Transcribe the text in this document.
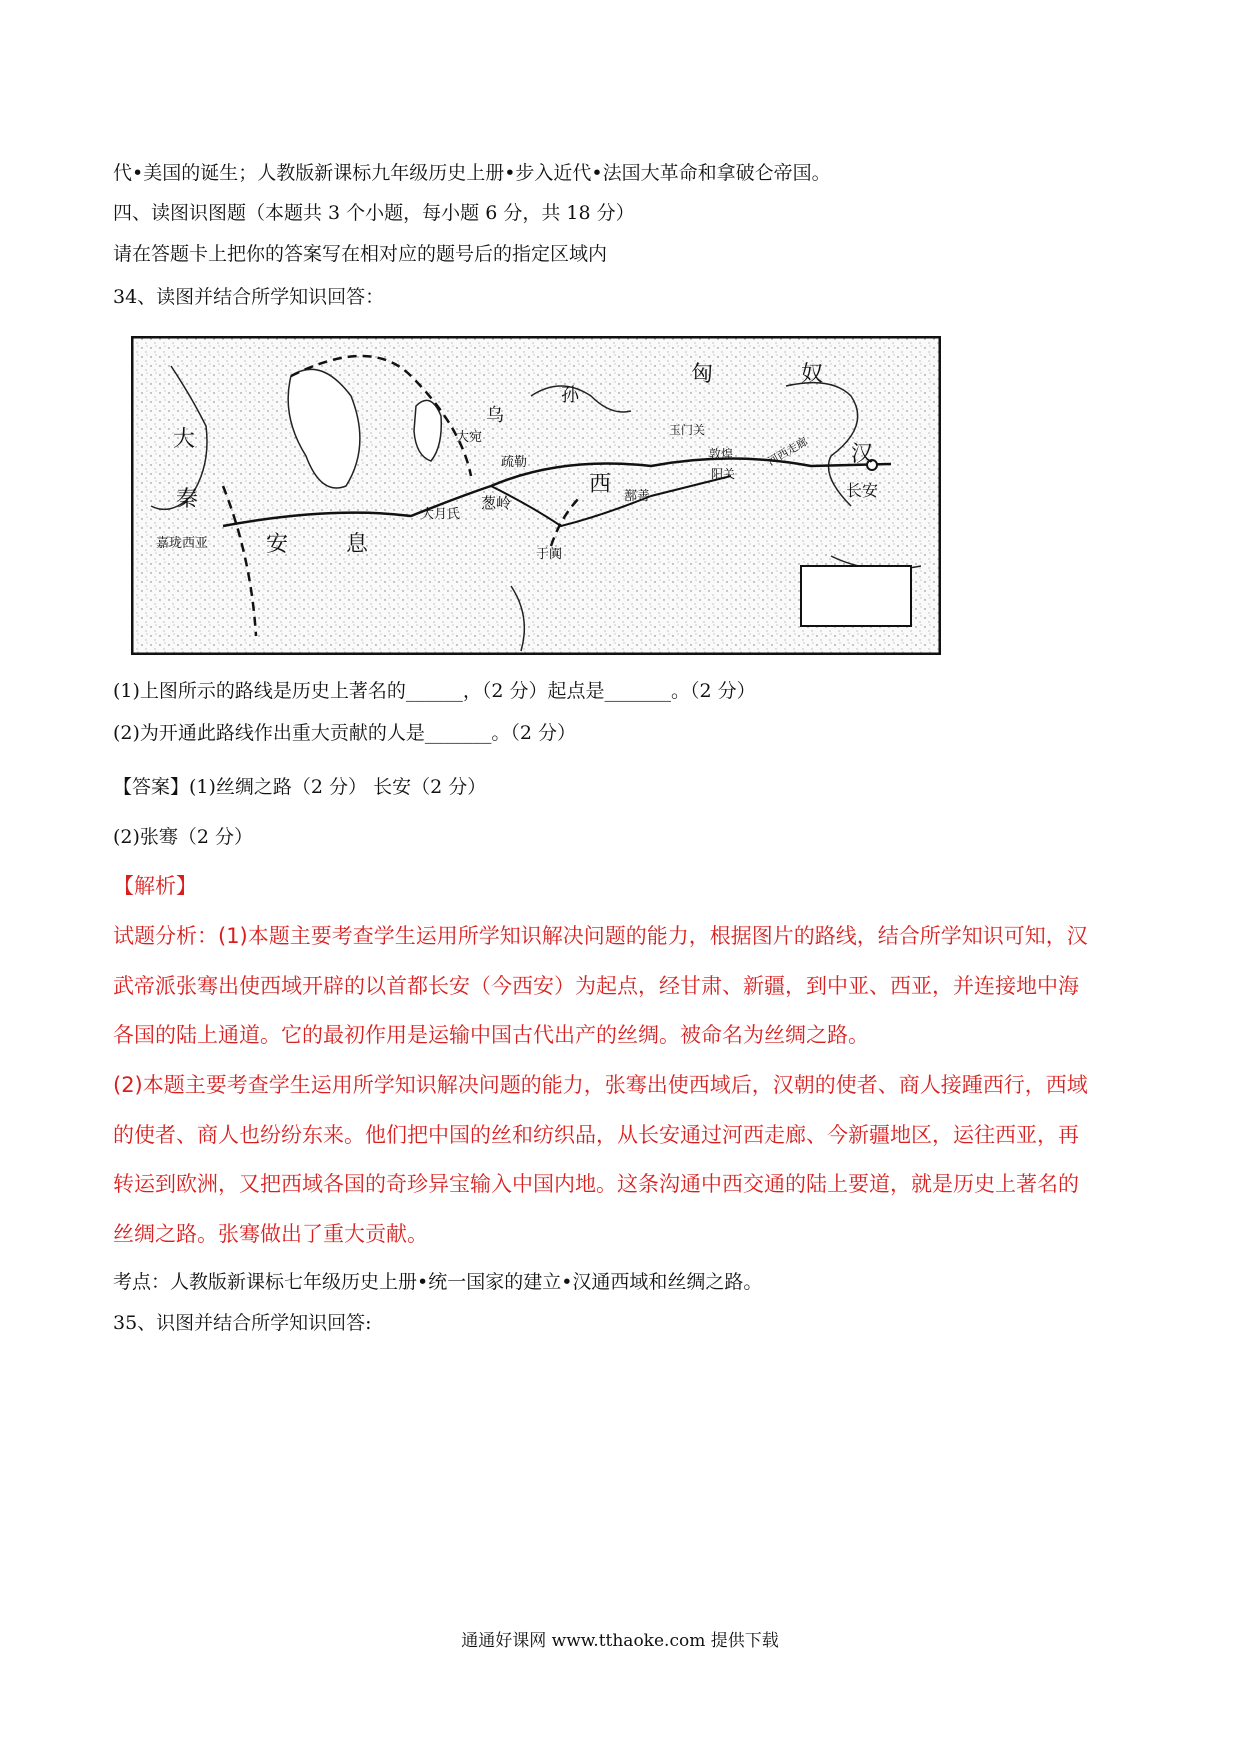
代•美国的诞生；人教版新课标九年级历史上册•步入近代•法国大革命和拿破仑帝国。
四、读图识图题（本题共 3 个小题，每小题 6 分，共 18 分）
请在答题卡上把你的答案写在相对应的题号后的指定区域内
34、读图并结合所学知识回答：
匈	奴
大
秦
安	息
乌
孙
西
汉
大宛
疏勒
葱岭
大月氏
于阗
鄯善
玉门关
敦煌
阳关
河西走廊
长安
嘉珑西亚
(1)上图所示的路线是历史上著名的______，（2 分）起点是_______。（2 分）
(2)为开通此路线作出重大贡献的人是_______。（2 分）
【答案】(1)丝绸之路（2 分） 长安（2 分）
(2)张骞（2 分）
【解析】
试题分析：(1)本题主要考查学生运用所学知识解决问题的能力，根据图片的路线，结合所学知识可知，汉
武帝派张骞出使西域开辟的以首都长安（今西安）为起点，经甘肃、新疆，到中亚、西亚，并连接地中海
各国的陆上通道。它的最初作用是运输中国古代出产的丝绸。被命名为丝绸之路。
(2)本题主要考查学生运用所学知识解决问题的能力，张骞出使西域后，汉朝的使者、商人接踵西行，西域
的使者、商人也纷纷东来。他们把中国的丝和纺织品，从长安通过河西走廊、今新疆地区，运往西亚，再
转运到欧洲，又把西域各国的奇珍异宝输入中国内地。这条沟通中西交通的陆上要道，就是历史上著名的
丝绸之路。张骞做出了重大贡献。
考点：人教版新课标七年级历史上册•统一国家的建立•汉通西域和丝绸之路。
35、识图并结合所学知识回答:
通通好课网 www.tthaoke.com 提供下载
